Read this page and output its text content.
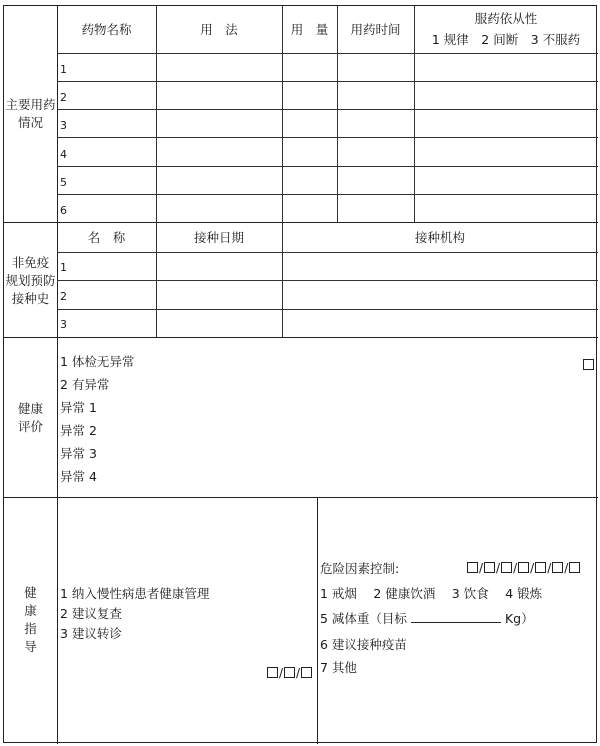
主要用药
情况
药物名称	用　法	用　量	用药时间
服药依从性
1 规律　2 间断　3 不服药
1
2
3
4
5
6
非免疫
规划预防
接种史
名　称	接种日期	接种机构
1
2
3
健康
评价
1 体检无异常
2 有异常
异常 1
异常 2
异常 3
异常 4
健
康
指
导
1 纳入慢性病患者健康管理
2 建议复查
3 建议转诊
/ /
危险因素控制:	/ / / / / /
1 戒烟　 2 健康饮酒　 3 饮食　 4 锻炼
5 减体重（目标	Kg）
6 建议接种疫苗
7 其他
